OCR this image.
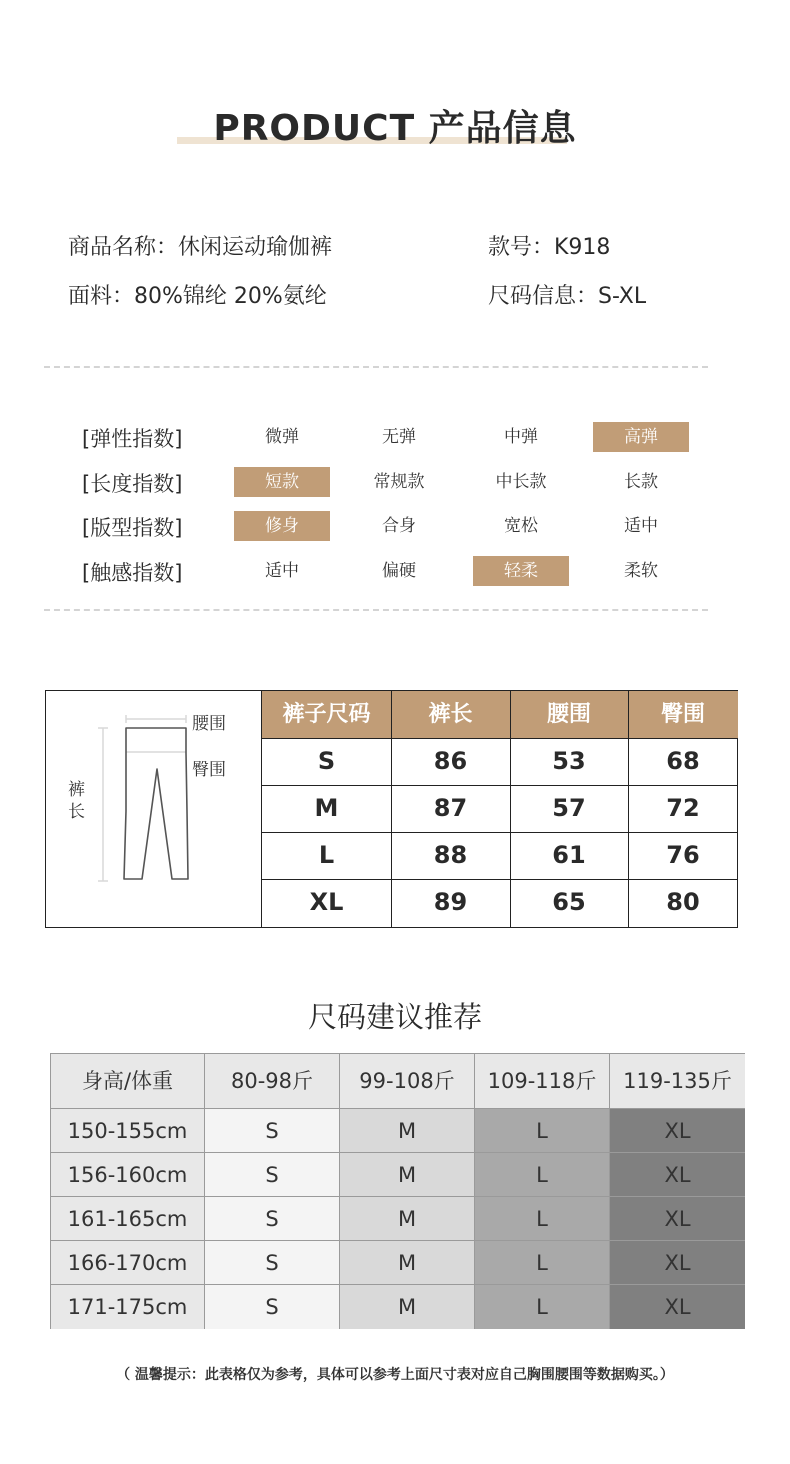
PRODUCT 产品信息
商品名称：休闲运动瑜伽裤	款号：K918
面料：80%锦纶 20%氨纶	尺码信息：S-XL
[弹性指数]	微弹	无弹	中弹	高弹
[长度指数]	短款	常规款	中长款	长款
[版型指数]	修身	合身	宽松	适中
[触感指数]	适中	偏硬	轻柔	柔软
腰围
臀围
裤长
裤子尺码	裤长	腰围	臀围
S	86	53	68
M	87	57	72
L	88	61	76
XL	89	65	80
尺码建议推荐
身高/体重	80-98斤	99-108斤	109-118斤	119-135斤
150-155cm	S	M	L	XL
156-160cm	S	M	L	XL
161-165cm	S	M	L	XL
166-170cm	S	M	L	XL
171-175cm	S	M	L	XL
（ 温馨提示：此表格仅为参考，具体可以参考上面尺寸表对应自己胸围腰围等数据购买。）
